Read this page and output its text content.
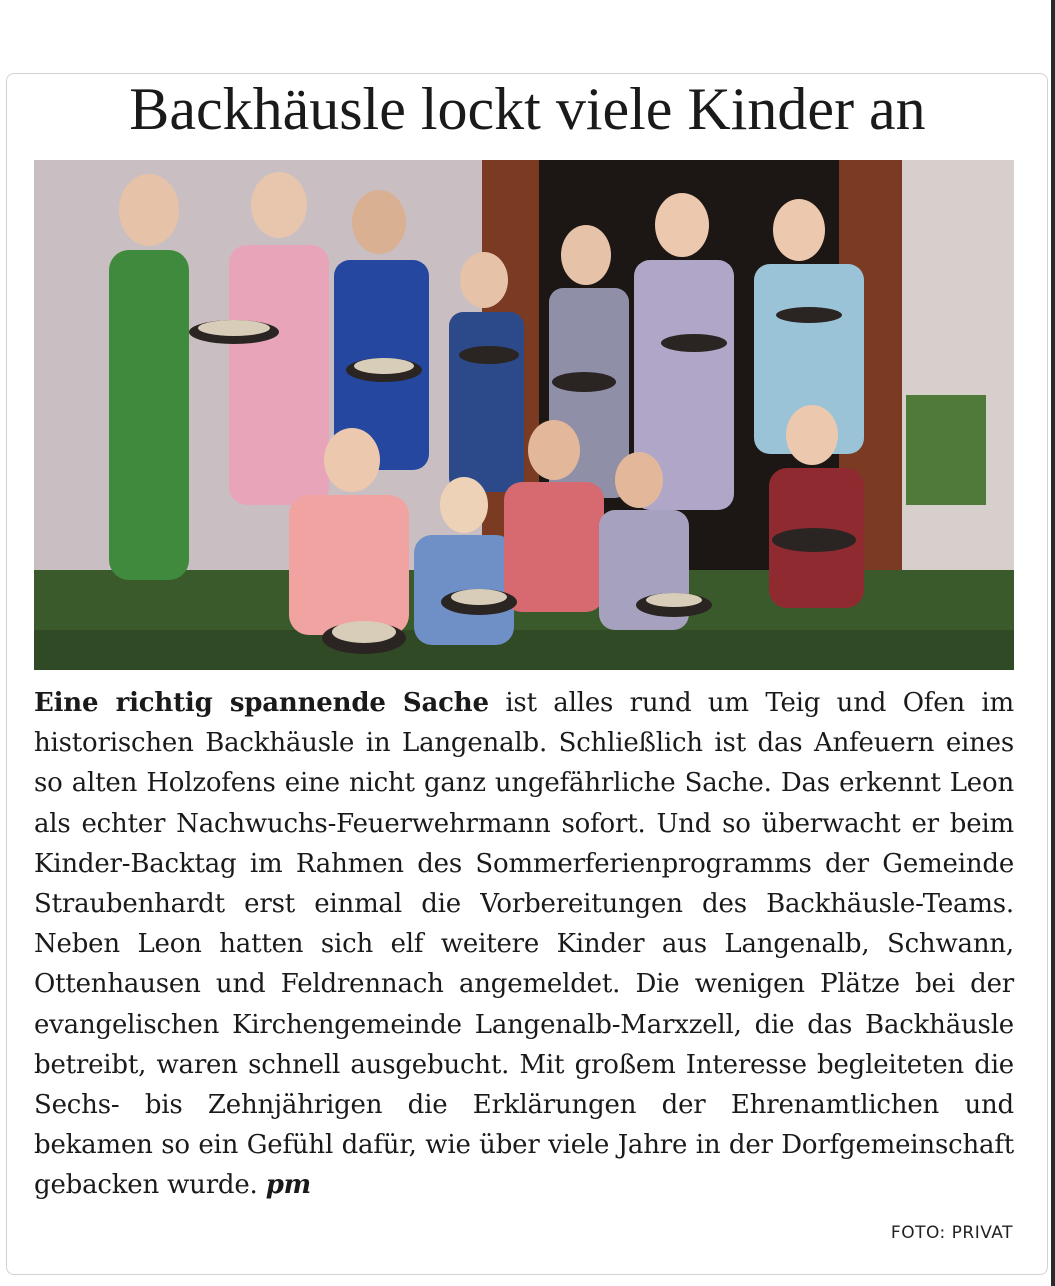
Backhäusle lockt viele Kinder an

Eine richtig spannende Sache ist alles rund um Teig und Ofen im historischen Backhäusle in Langenalb. Schließlich ist das Anfeuern eines so alten Holzofens eine nicht ganz ungefährliche Sache. Das erkennt Leon als echter Nachwuchs-Feuerwehrmann sofort. Und so überwacht er beim Kinder-Backtag im Rahmen des Sommerferienprogramms der Gemeinde Straubenhardt erst einmal die Vorbereitungen des Backhäusle-Teams. Neben Leon hatten sich elf weitere Kinder aus Langenalb, Schwann, Ottenhausen und Feldrennach angemeldet. Die wenigen Plätze bei der evangelischen Kirchengemeinde Langenalb-Marxzell, die das Backhäusle betreibt, waren schnell ausgebucht. Mit großem Interesse begleiteten die Sechs- bis Zehnjährigen die Erklärungen der Ehrenamtlichen und bekamen so ein Gefühl dafür, wie über viele Jahre in der Dorfgemeinschaft gebacken wurde. pm

FOTO: PRIVAT
